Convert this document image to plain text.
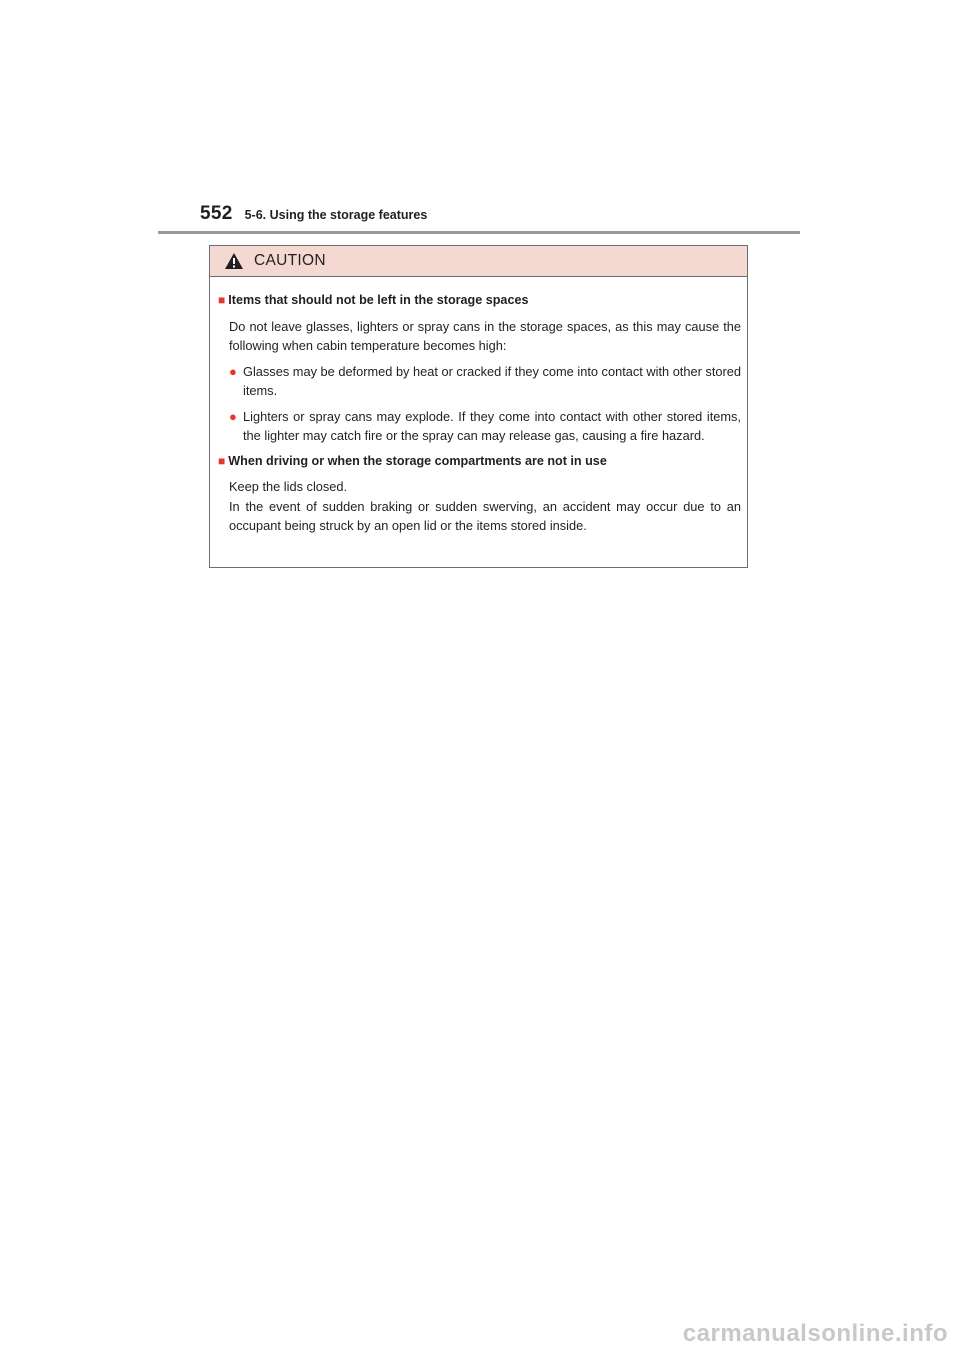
552 5-6. Using the storage features
CAUTION
■ Items that should not be left in the storage spaces
Do not leave glasses, lighters or spray cans in the storage spaces, as this may cause the following when cabin temperature becomes high:
● Glasses may be deformed by heat or cracked if they come into contact with other stored items.
● Lighters or spray cans may explode. If they come into contact with other stored items, the lighter may catch fire or the spray can may release gas, causing a fire hazard.
■ When driving or when the storage compartments are not in use
Keep the lids closed.
In the event of sudden braking or sudden swerving, an accident may occur due to an occupant being struck by an open lid or the items stored inside.
carmanualsonline.info
